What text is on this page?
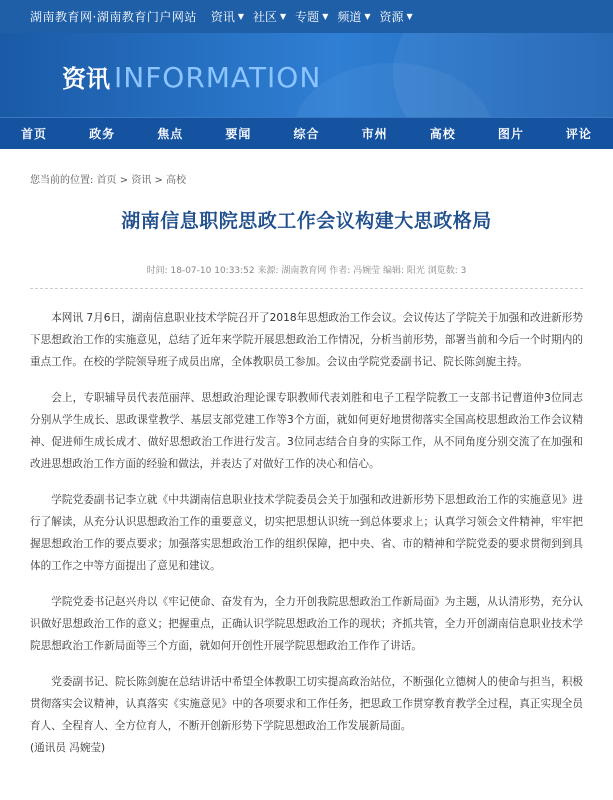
湖南教育网·湖南教育门户网站 资讯 ▼ 社区 ▼ 专题 ▼ 频道 ▼ 资源 ▼
资讯 INFORMATION
首页	政务	焦点	要闻	综合	市州	高校	图片	评论
您当前的位置: 首页 > 资讯 > 高校
湖南信息职院思政工作会议构建大思政格局
时间: 18-07-10 10:33:52 来源: 湖南教育网 作者: 冯婉莹 编辑: 阳光 浏览数: 3

本网讯 7月6日，湖南信息职业技术学院召开了2018年思想政治工作会议。会议传达了学院关于加强和改进新形势下思想政治工作的实施意见，总结了近年来学院开展思想政治工作情况，分析当前形势，部署当前和今后一个时期内的重点工作。在校的学院领导班子成员出席，全体教职员工参加。会议由学院党委副书记、院长陈剑旎主持。

会上，专职辅导员代表范丽萍、思想政治理论课专职教师代表刘胜和电子工程学院教工一支部书记曹道仲3位同志分别从学生成长、思政课堂教学、基层支部党建工作等3个方面，就如何更好地贯彻落实全国高校思想政治工作会议精神、促进师生成长成才、做好思想政治工作进行发言。3位同志结合自身的实际工作，从不同角度分别交流了在加强和改进思想政治工作方面的经验和做法，并表达了对做好工作的决心和信心。

学院党委副书记李立就《中共湖南信息职业技术学院委员会关于加强和改进新形势下思想政治工作的实施意见》进行了解读，从充分认识思想政治工作的重要意义，切实把思想认识统一到总体要求上；认真学习领会文件精神，牢牢把握思想政治工作的要点要求；加强落实思想政治工作的组织保障，把中央、省、市的精神和学院党委的要求贯彻到到具体的工作之中等方面提出了意见和建议。

学院党委书记赵兴舟以《牢记使命、奋发有为，全力开创我院思想政治工作新局面》为主题，从认清形势，充分认识做好思想政治工作的意义；把握重点，正确认识学院思想政治工作的现状；齐抓共管，全力开创湖南信息职业技术学院思想政治工作新局面等三个方面，就如何开创性开展学院思想政治工作作了讲话。

党委副书记、院长陈剑旎在总结讲话中希望全体教职工切实提高政治站位，不断强化立德树人的使命与担当，积极贯彻落实会议精神，认真落实《实施意见》中的各项要求和工作任务，把思政工作贯穿教育教学全过程，真正实现全员育人、全程育人、全方位育人，不断开创新形势下学院思想政治工作发展新局面。

(通讯员 冯婉莹)
